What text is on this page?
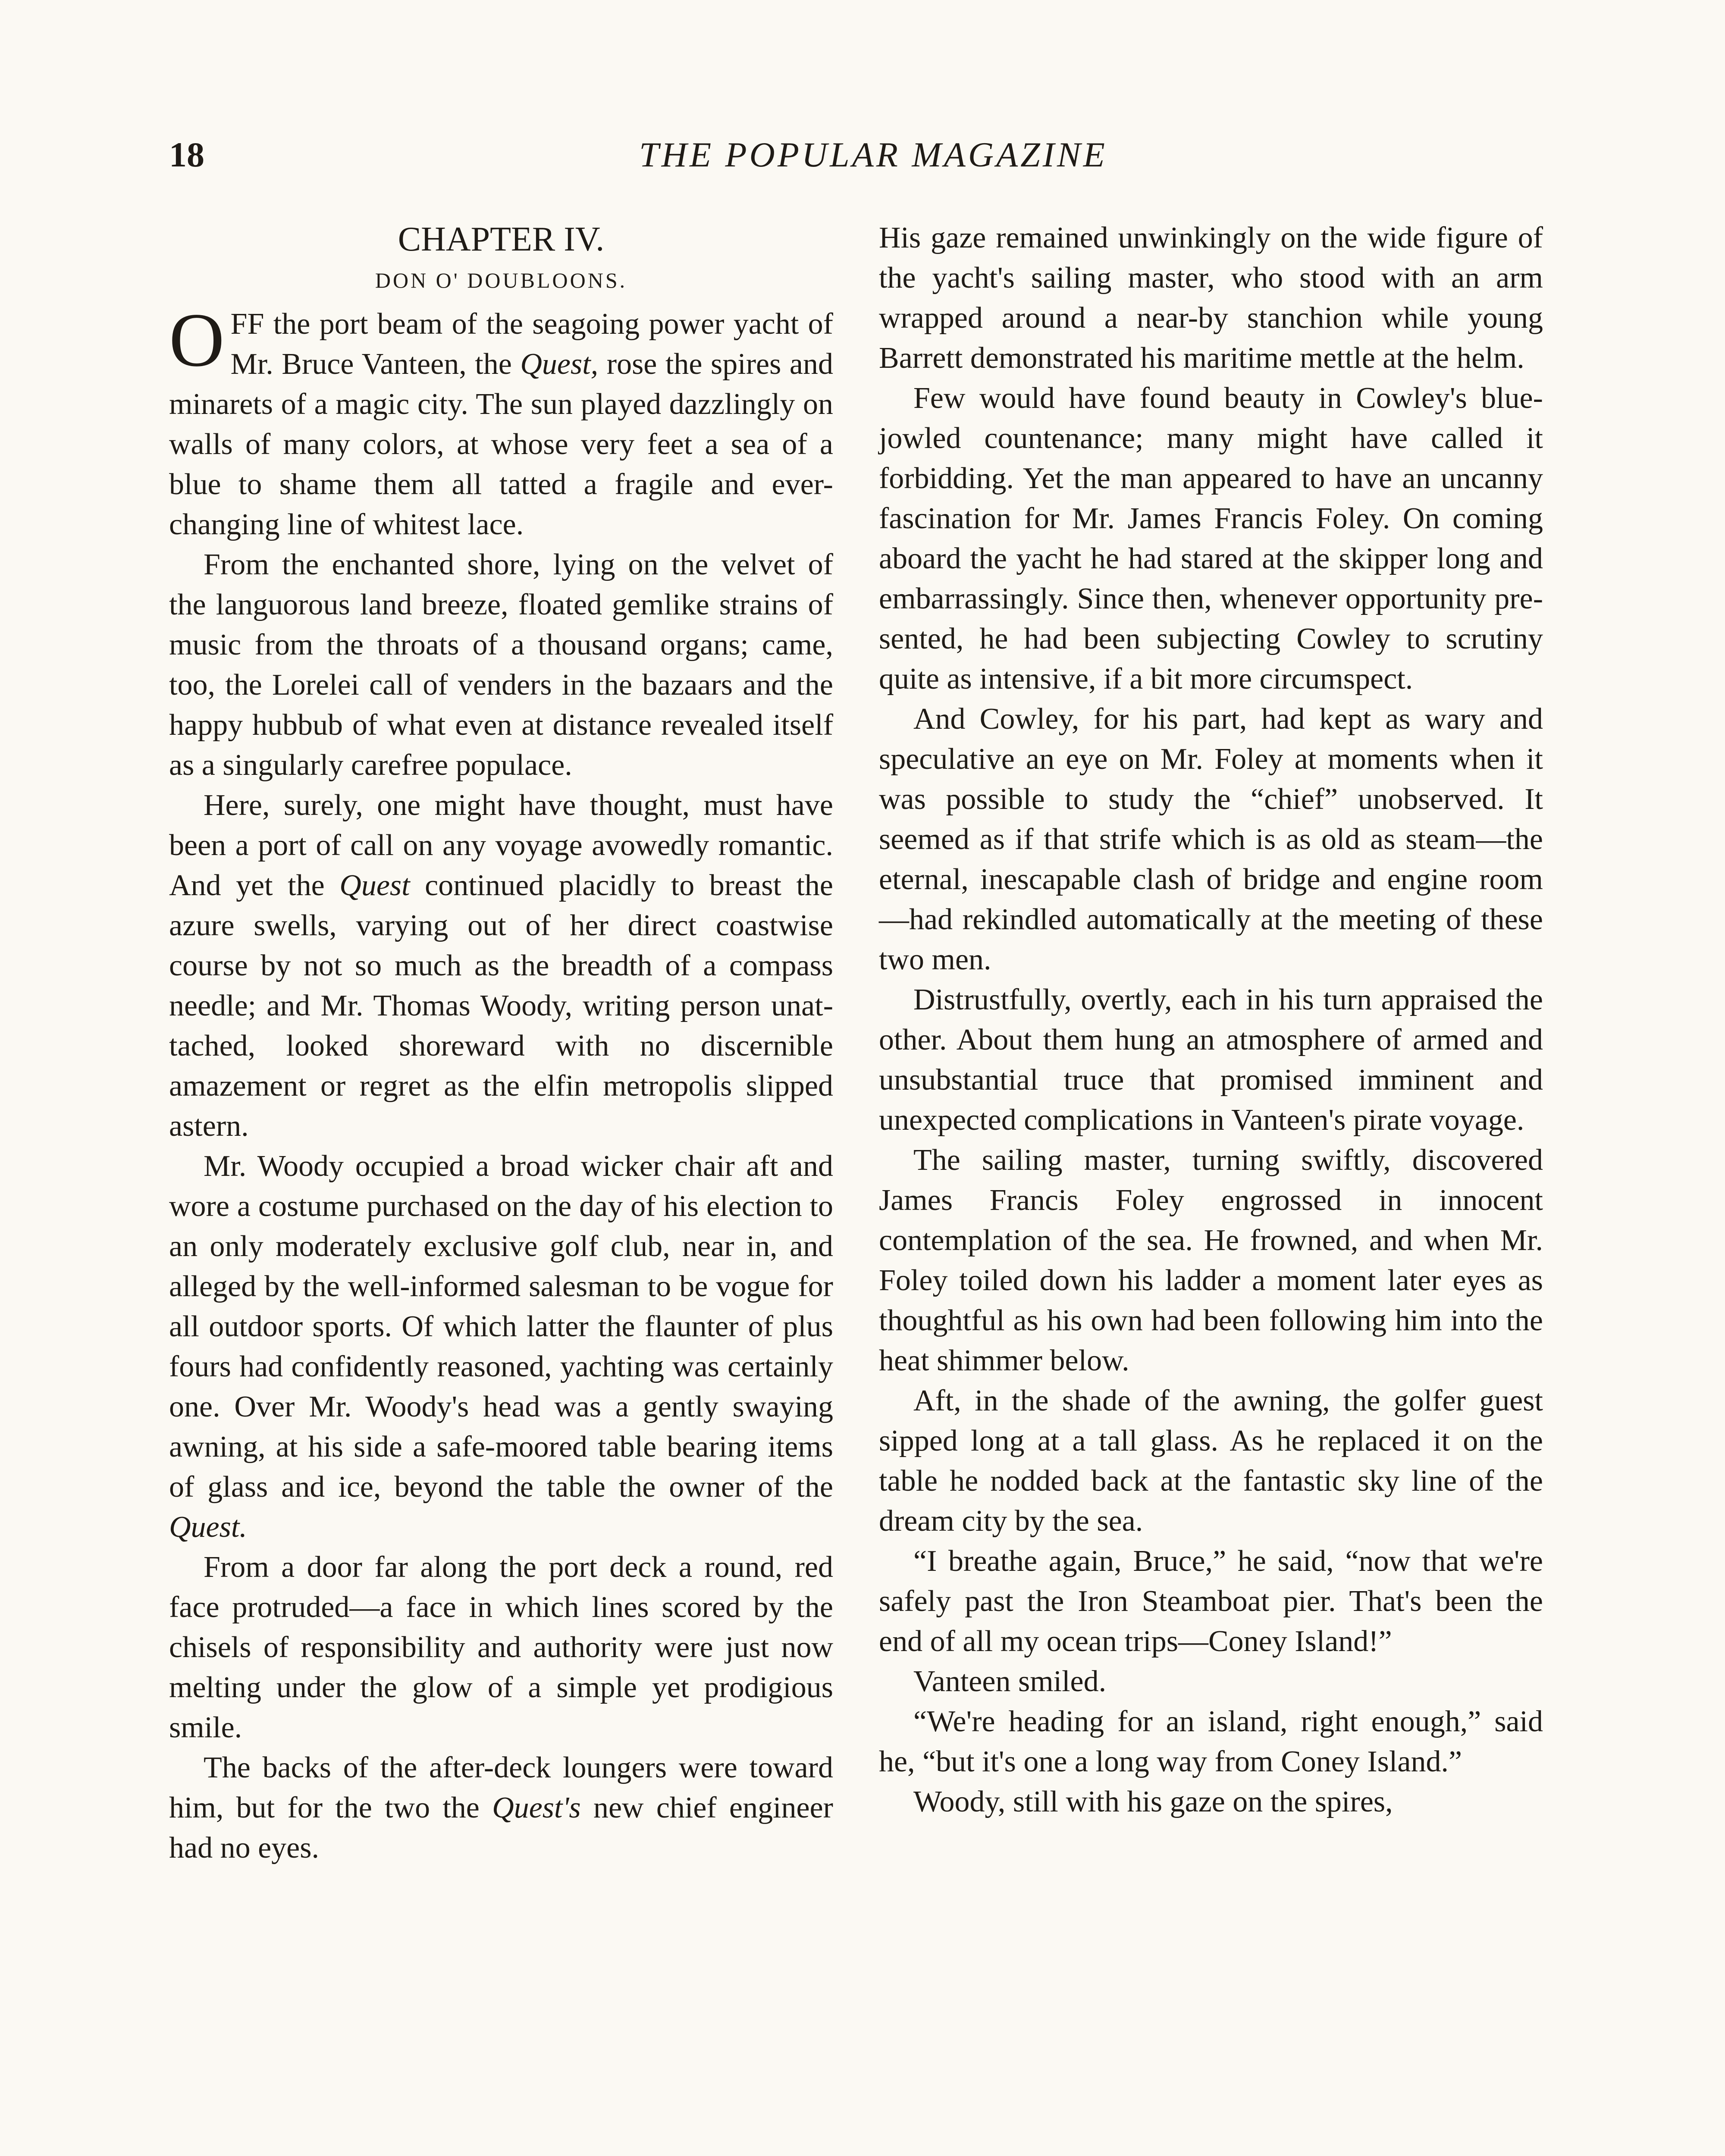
18	THE POPULAR MAGAZINE
CHAPTER IV.
DON O' DOUBLOONS.

OFF the port beam of the seagoing power yacht of Mr. Bruce Vanteen, the Quest, rose the spires and minarets of a magic city. The sun played dazzlingly on walls of many colors, at whose very feet a sea of a blue to shame them all tatted a fragile and ever-changing line of whitest lace.

From the enchanted shore, lying on the velvet of the languorous land breeze, floated gemlike strains of music from the throats of a thousand organs; came, too, the Lorelei call of venders in the bazaars and the happy hubbub of what even at distance revealed itself as a singularly carefree populace.

Here, surely, one might have thought, must have been a port of call on any voyage avowedly romantic. And yet the Quest continued placidly to breast the azure swells, varying out of her direct coastwise course by not so much as the breadth of a compass needle; and Mr. Thomas Woody, writing person unattached, looked shoreward with no discernible amazement or regret as the elfin metropolis slipped astern.

Mr. Woody occupied a broad wicker chair aft and wore a costume purchased on the day of his election to an only moderately exclusive golf club, near in, and alleged by the well-informed salesman to be vogue for all outdoor sports. Of which latter the flaunter of plus fours had confidently reasoned, yachting was certainly one. Over Mr. Woody's head was a gently swaying awning, at his side a safe-moored table bearing items of glass and ice, beyond the table the owner of the Quest.

From a door far along the port deck a round, red face protruded—a face in which lines scored by the chisels of responsibility and authority were just now melting under the glow of a simple yet prodigious smile.

The backs of the after-deck loungers were toward him, but for the two the Quest's new chief engineer had no eyes.

His gaze remained unwinkingly on the wide figure of the yacht's sailing master, who stood with an arm wrapped around a near-by stanchion while young Barrett demonstrated his maritime mettle at the helm.

Few would have found beauty in Cowley's blue-jowled countenance; many might have called it forbidding. Yet the man appeared to have an uncanny fascination for Mr. James Francis Foley. On coming aboard the yacht he had stared at the skipper long and embarrassingly. Since then, whenever opportunity presented, he had been subjecting Cowley to scrutiny quite as intensive, if a bit more circumspect.

And Cowley, for his part, had kept as wary and speculative an eye on Mr. Foley at moments when it was possible to study the “chief” unobserved. It seemed as if that strife which is as old as steam—the eternal, inescapable clash of bridge and engine room—had rekindled automatically at the meeting of these two men.

Distrustfully, overtly, each in his turn appraised the other. About them hung an atmosphere of armed and unsubstantial truce that promised imminent and unexpected complications in Vanteen's pirate voyage.

The sailing master, turning swiftly, discovered James Francis Foley engrossed in innocent contemplation of the sea. He frowned, and when Mr. Foley toiled down his ladder a moment later eyes as thoughtful as his own had been following him into the heat shimmer below.

Aft, in the shade of the awning, the golfer guest sipped long at a tall glass. As he replaced it on the table he nodded back at the fantastic sky line of the dream city by the sea.

“I breathe again, Bruce,” he said, “now that we're safely past the Iron Steamboat pier. That's been the end of all my ocean trips—Coney Island!”

Vanteen smiled.

“We're heading for an island, right enough,” said he, “but it's one a long way from Coney Island.”

Woody, still with his gaze on the spires,
